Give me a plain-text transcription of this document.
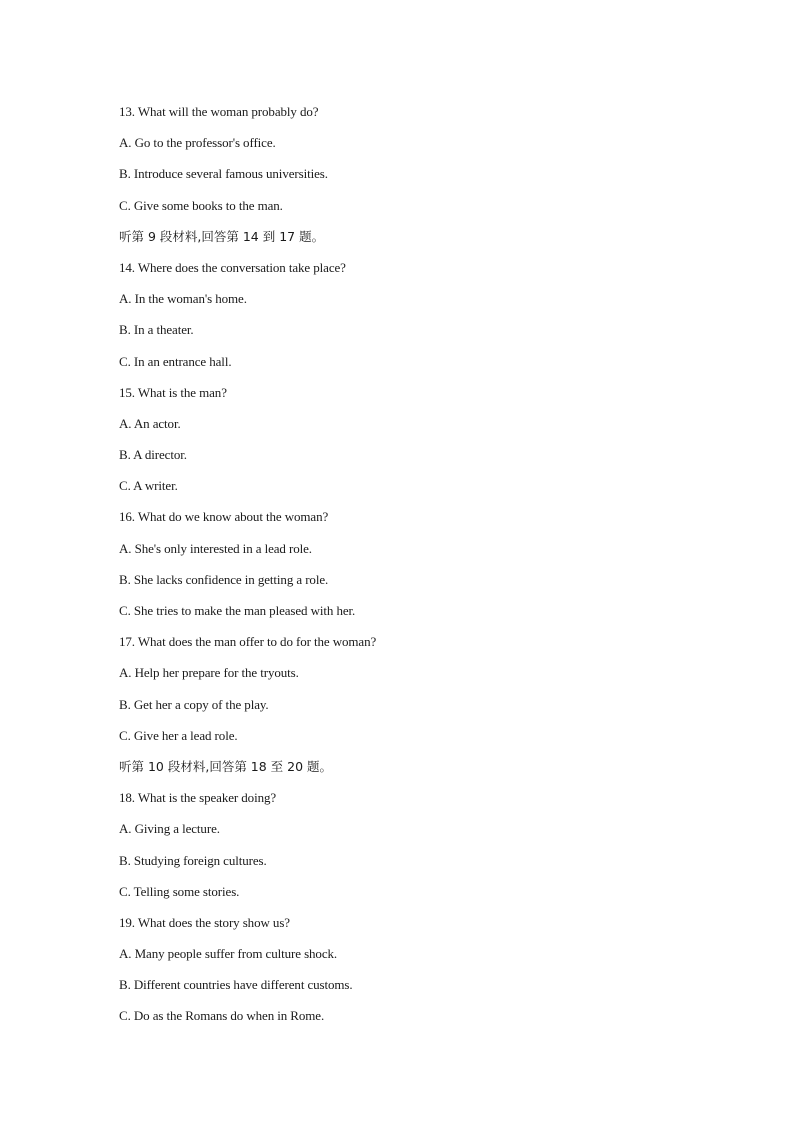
13. What will the woman probably do?
A. Go to the professor's office.
B. Introduce several famous universities.
C. Give some books to the man.
听第 9 段材料,回答第 14 到 17 题。
14. Where does the conversation take place?
A. In the woman's home.
B. In a theater.
C. In an entrance hall.
15. What is the man?
A. An actor.
B. A director.
C. A writer.
16. What do we know about the woman?
A. She's only interested in a lead role.
B. She lacks confidence in getting a role.
C. She tries to make the man pleased with her.
17. What does the man offer to do for the woman?
A. Help her prepare for the tryouts.
B. Get her a copy of the play.
C. Give her a lead role.
听第 10 段材料,回答第 18 至 20 题。
18. What is the speaker doing?
A. Giving a lecture.
B. Studying foreign cultures.
C. Telling some stories.
19. What does the story show us?
A. Many people suffer from culture shock.
B. Different countries have different customs.
C. Do as the Romans do when in Rome.
